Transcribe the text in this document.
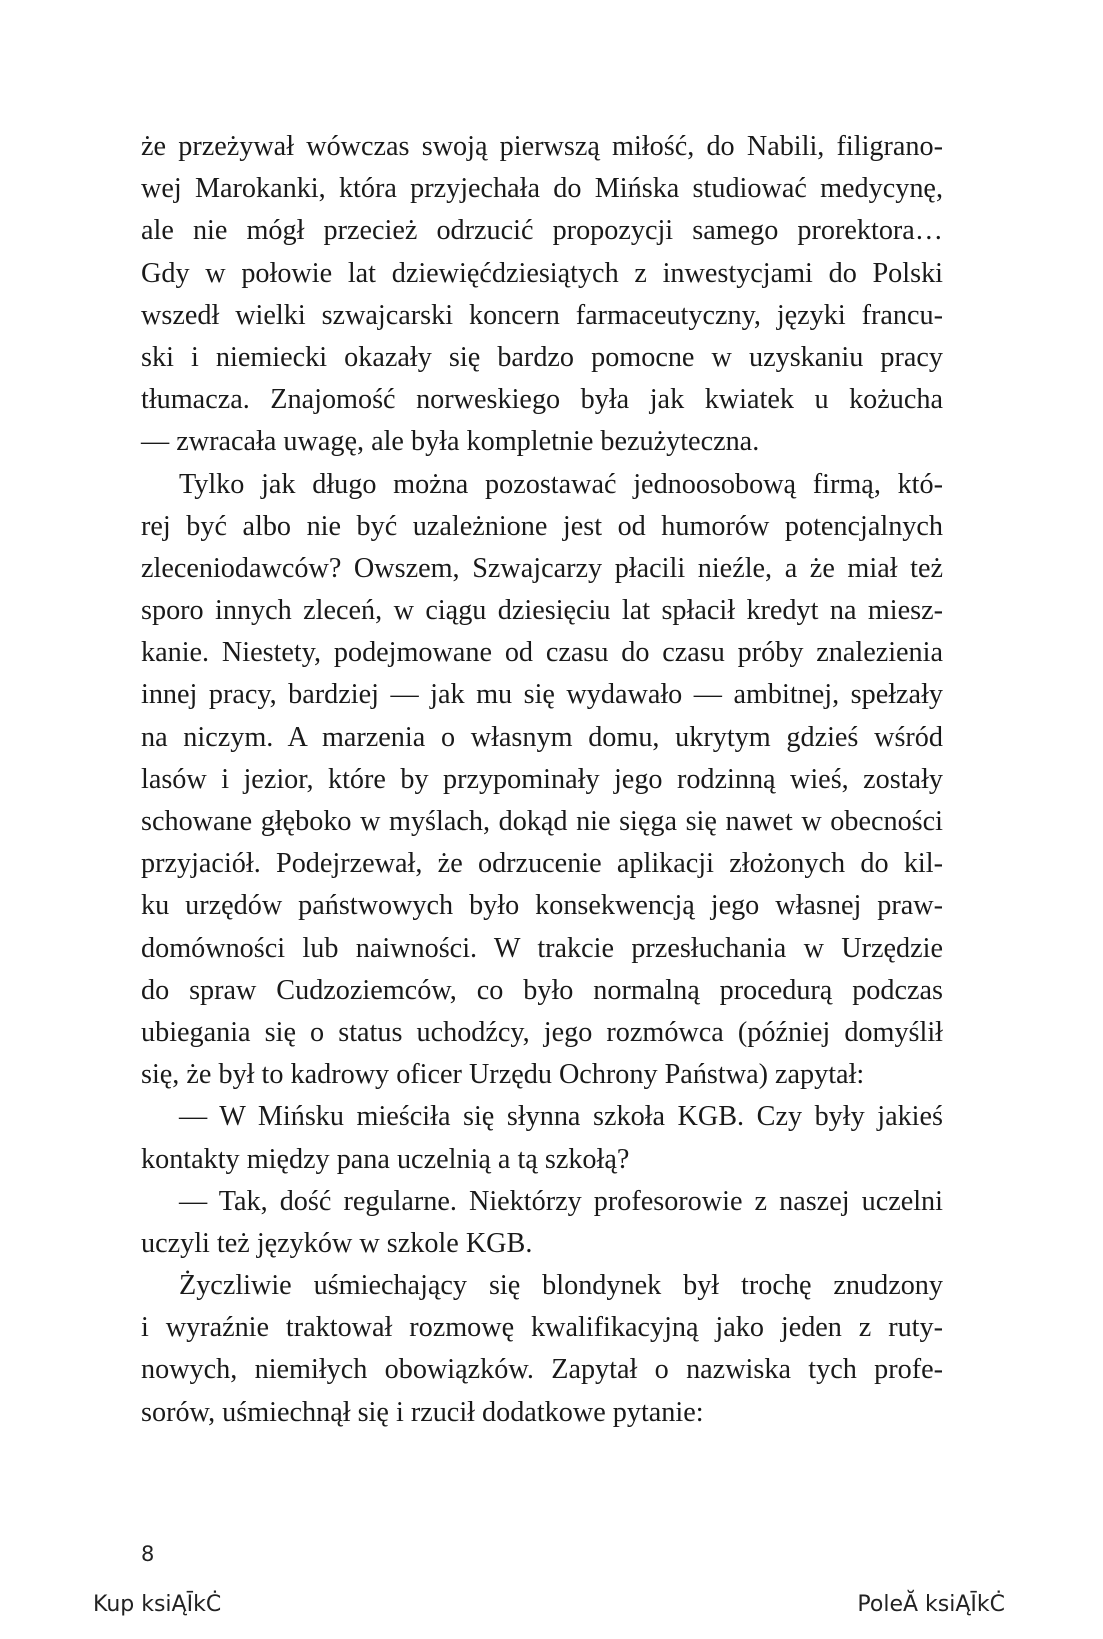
że przeżywał wówczas swoją pierwszą miłość, do Nabili, filigrano-
wej Marokanki, która przyjechała do Mińska studiować medycynę,
ale nie mógł przecież odrzucić propozycji samego prorektora…
Gdy w połowie lat dziewięćdziesiątych z inwestycjami do Polski
wszedł wielki szwajcarski koncern farmaceutyczny, języki francu-
ski i niemiecki okazały się bardzo pomocne w uzyskaniu pracy
tłumacza. Znajomość norweskiego była jak kwiatek u kożucha
— zwracała uwagę, ale była kompletnie bezużyteczna.
Tylko jak długo można pozostawać jednoosobową firmą, któ-
rej być albo nie być uzależnione jest od humorów potencjalnych
zleceniodawców? Owszem, Szwajcarzy płacili nieźle, a że miał też
sporo innych zleceń, w ciągu dziesięciu lat spłacił kredyt na miesz-
kanie. Niestety, podejmowane od czasu do czasu próby znalezienia
innej pracy, bardziej — jak mu się wydawało — ambitnej, spełzały
na niczym. A marzenia o własnym domu, ukrytym gdzieś wśród
lasów i jezior, które by przypominały jego rodzinną wieś, zostały
schowane głęboko w myślach, dokąd nie sięga się nawet w obecności
przyjaciół. Podejrzewał, że odrzucenie aplikacji złożonych do kil-
ku urzędów państwowych było konsekwencją jego własnej praw-
domówności lub naiwności. W trakcie przesłuchania w Urzędzie
do spraw Cudzoziemców, co było normalną procedurą podczas
ubiegania się o status uchodźcy, jego rozmówca (później domyślił
się, że był to kadrowy oficer Urzędu Ochrony Państwa) zapytał:
— W Mińsku mieściła się słynna szkoła KGB. Czy były jakieś
kontakty między pana uczelnią a tą szkołą?
— Tak, dość regularne. Niektórzy profesorowie z naszej uczelni
uczyli też języków w szkole KGB.
Życzliwie uśmiechający się blondynek był trochę znudzony
i wyraźnie traktował rozmowę kwalifikacyjną jako jeden z ruty-
nowych, niemiłych obowiązków. Zapytał o nazwiska tych profe-
sorów, uśmiechnął się i rzucił dodatkowe pytanie:
8
Kup ksiĄĪkĊ	PoleĂ ksiĄĪkĊ
